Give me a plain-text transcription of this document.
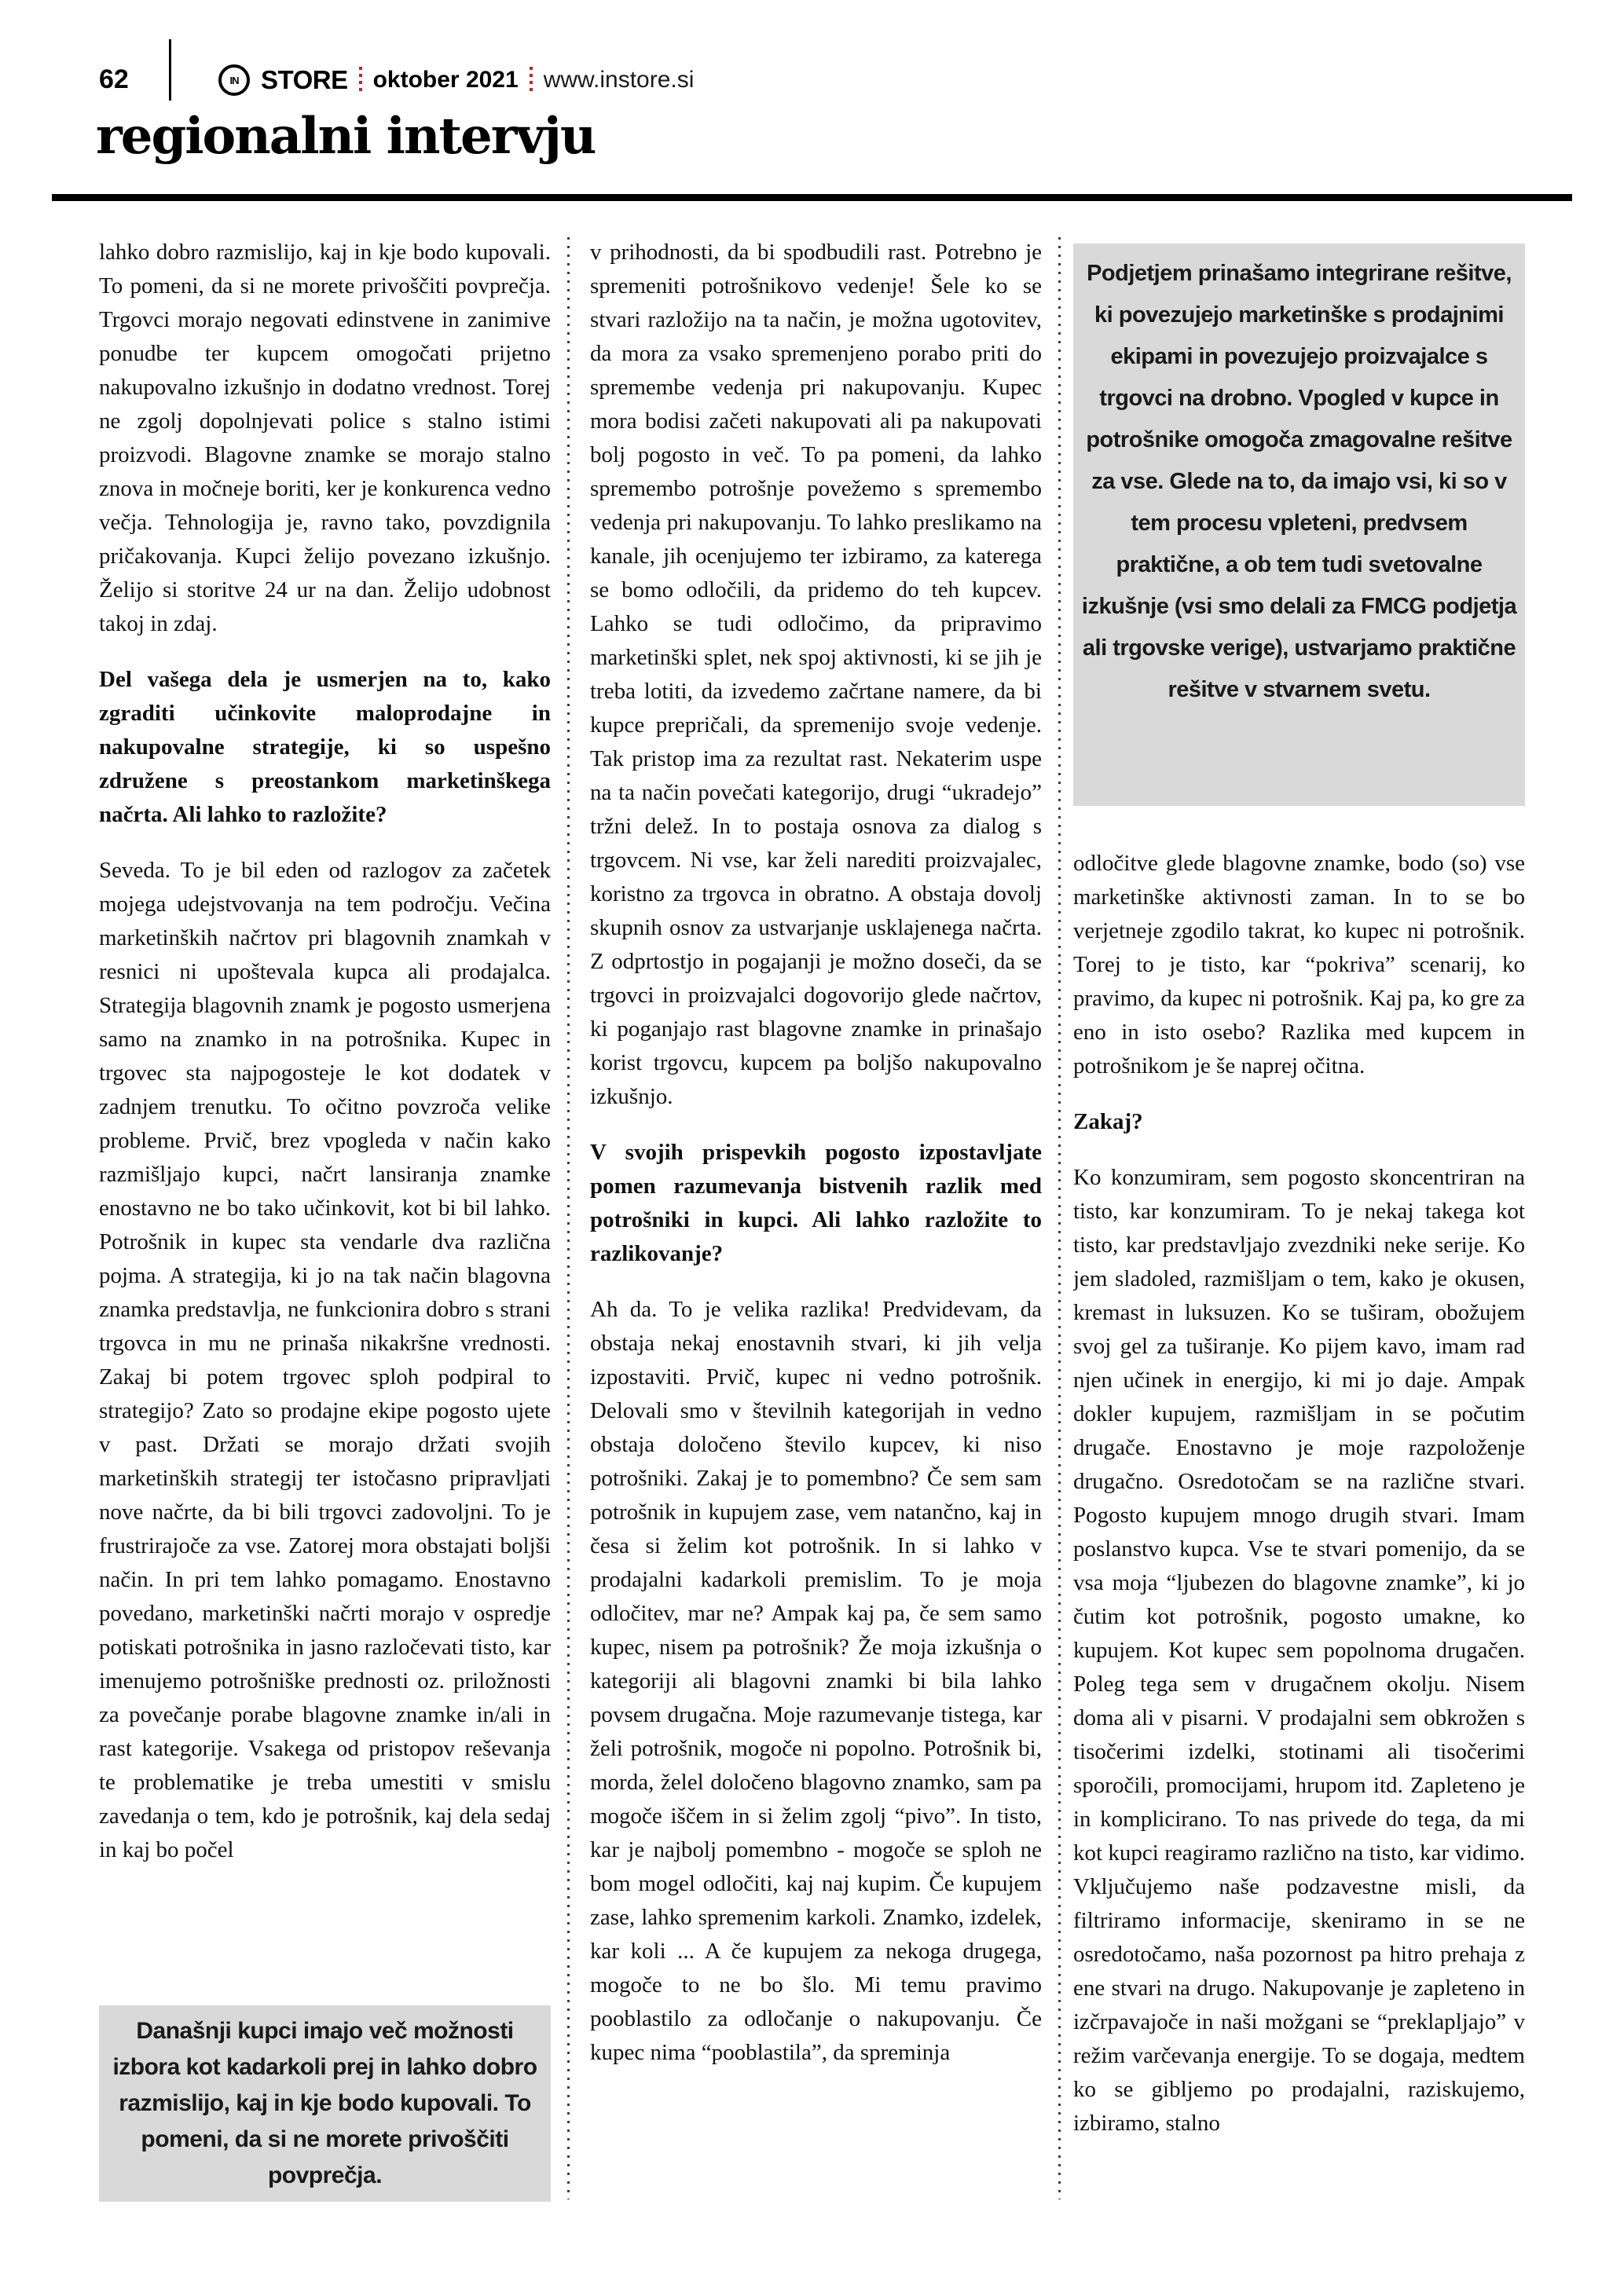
62	IN STORE oktober 2021 www.instore.si
regionalni intervju

lahko dobro razmislijo, kaj in kje bodo kupovali. To pomeni, da si ne morete privoščiti povprečja. Trgovci morajo negovati edinstvene in zanimive ponudbe ter kupcem omogočati prijetno nakupovalno izkušnjo in dodatno vrednost. Torej ne zgolj dopolnjevati police s stalno istimi proizvodi. Blagovne znamke se morajo stalno znova in močneje boriti, ker je konkurenca vedno večja. Tehnologija je, ravno tako, povzdignila pričakovanja. Kupci želijo povezano izkušnjo. Želijo si storitve 24 ur na dan. Želijo udobnost takoj in zdaj.

Del vašega dela je usmerjen na to, kako zgraditi učinkovite maloprodajne in nakupovalne strategije, ki so uspešno združene s preostankom marketinškega načrta. Ali lahko to razložite?

Seveda. To je bil eden od razlogov za začetek mojega udejstvovanja na tem področju. Večina marketinških načrtov pri blagovnih znamkah v resnici ni upoštevala kupca ali prodajalca. Strategija blagovnih znamk je pogosto usmerjena samo na znamko in na potrošnika. Kupec in trgovec sta najpogosteje le kot dodatek v zadnjem trenutku. To očitno povzroča velike probleme. Prvič, brez vpogleda v način kako razmišljajo kupci, načrt lansiranja znamke enostavno ne bo tako učinkovit, kot bi bil lahko. Potrošnik in kupec sta vendarle dva različna pojma. A strategija, ki jo na tak način blagovna znamka predstavlja, ne funkcionira dobro s strani trgovca in mu ne prinaša nikakršne vrednosti. Zakaj bi potem trgovec sploh podpiral to strategijo? Zato so prodajne ekipe pogosto ujete v past. Držati se morajo držati svojih marketinških strategij ter istočasno pripravljati nove načrte, da bi bili trgovci zadovoljni. To je frustrirajoče za vse. Zatorej mora obstajati boljši način. In pri tem lahko pomagamo. Enostavno povedano, marketinški načrti morajo v ospredje potiskati potrošnika in jasno razločevati tisto, kar imenujemo potrošniške prednosti oz. priložnosti za povečanje porabe blagovne znamke in/ali in rast kategorije. Vsakega od pristopov reševanja te problematike je treba umestiti v smislu zavedanja o tem, kdo je potrošnik, kaj dela sedaj in kaj bo počel

v prihodnosti, da bi spodbudili rast. Potrebno je spremeniti potrošnikovo vedenje! Šele ko se stvari razložijo na ta način, je možna ugotovitev, da mora za vsako spremenjeno porabo priti do spremembe vedenja pri nakupovanju. Kupec mora bodisi začeti nakupovati ali pa nakupovati bolj pogosto in več. To pa pomeni, da lahko spremembo potrošnje povežemo s spremembo vedenja pri nakupovanju. To lahko preslikamo na kanale, jih ocenjujemo ter izbiramo, za katerega se bomo odločili, da pridemo do teh kupcev. Lahko se tudi odločimo, da pripravimo marketinški splet, nek spoj aktivnosti, ki se jih je treba lotiti, da izvedemo začrtane namere, da bi kupce prepričali, da spremenijo svoje vedenje. Tak pristop ima za rezultat rast. Nekaterim uspe na ta način povečati kategorijo, drugi “ukradejo” tržni delež. In to postaja osnova za dialog s trgovcem. Ni vse, kar želi narediti proizvajalec, koristno za trgovca in obratno. A obstaja dovolj skupnih osnov za ustvarjanje usklajenega načrta. Z odprtostjo in pogajanji je možno doseči, da se trgovci in proizvajalci dogovorijo glede načrtov, ki poganjajo rast blagovne znamke in prinašajo korist trgovcu, kupcem pa boljšo nakupovalno izkušnjo.

V svojih prispevkih pogosto izpostavljate pomen razumevanja bistvenih razlik med potrošniki in kupci. Ali lahko razložite to razlikovanje?

Ah da. To je velika razlika! Predvidevam, da obstaja nekaj enostavnih stvari, ki jih velja izpostaviti. Prvič, kupec ni vedno potrošnik. Delovali smo v številnih kategorijah in vedno obstaja določeno število kupcev, ki niso potrošniki. Zakaj je to pomembno? Če sem sam potrošnik in kupujem zase, vem natančno, kaj in česa si želim kot potrošnik. In si lahko v prodajalni kadarkoli premislim. To je moja odločitev, mar ne? Ampak kaj pa, če sem samo kupec, nisem pa potrošnik? Že moja izkušnja o kategoriji ali blagovni znamki bi bila lahko povsem drugačna. Moje razumevanje tistega, kar želi potrošnik, mogoče ni popolno. Potrošnik bi, morda, želel določeno blagovno znamko, sam pa mogoče iščem in si želim zgolj “pivo”. In tisto, kar je najbolj pomembno - mogoče se sploh ne bom mogel odločiti, kaj naj kupim. Če kupujem zase, lahko spremenim karkoli. Znamko, izdelek, kar koli ... A če kupujem za nekoga drugega, mogoče to ne bo šlo. Mi temu pravimo pooblastilo za odločanje o nakupovanju. Če kupec nima “pooblastila”, da spreminja

Podjetjem prinašamo integrirane rešitve, ki povezujejo marketinške s prodajnimi ekipami in povezujejo proizvajalce s trgovci na drobno. Vpogled v kupce in potrošnike omogoča zmagovalne rešitve za vse. Glede na to, da imajo vsi, ki so v tem procesu vpleteni, predvsem praktične, a ob tem tudi svetovalne izkušnje (vsi smo delali za FMCG podjetja ali trgovske verige), ustvarjamo praktične rešitve v stvarnem svetu.

odločitve glede blagovne znamke, bodo (so) vse marketinške aktivnosti zaman. In to se bo verjetneje zgodilo takrat, ko kupec ni potrošnik. Torej to je tisto, kar “pokriva” scenarij, ko pravimo, da kupec ni potrošnik. Kaj pa, ko gre za eno in isto osebo? Razlika med kupcem in potrošnikom je še naprej očitna.

Zakaj?

Ko konzumiram, sem pogosto skoncentriran na tisto, kar konzumiram. To je nekaj takega kot tisto, kar predstavljajo zvezdniki neke serije. Ko jem sladoled, razmišljam o tem, kako je okusen, kremast in luksuzen. Ko se tuširam, obožujem svoj gel za tuširanje. Ko pijem kavo, imam rad njen učinek in energijo, ki mi jo daje. Ampak dokler kupujem, razmišljam in se počutim drugače. Enostavno je moje razpoloženje drugačno. Osredotočam se na različne stvari. Pogosto kupujem mnogo drugih stvari. Imam poslanstvo kupca. Vse te stvari pomenijo, da se vsa moja “ljubezen do blagovne znamke”, ki jo čutim kot potrošnik, pogosto umakne, ko kupujem. Kot kupec sem popolnoma drugačen. Poleg tega sem v drugačnem okolju. Nisem doma ali v pisarni. V prodajalni sem obkrožen s tisočerimi izdelki, stotinami ali tisočerimi sporočili, promocijami, hrupom itd. Zapleteno je in komplicirano. To nas privede do tega, da mi kot kupci reagiramo različno na tisto, kar vidimo. Vključujemo naše podzavestne misli, da filtriramo informacije, skeniramo in se ne osredotočamo, naša pozornost pa hitro prehaja z ene stvari na drugo. Nakupovanje je zapleteno in izčrpavajoče in naši možgani se “preklapljajo” v režim varčevanja energije. To se dogaja, medtem ko se gibljemo po prodajalni, raziskujemo, izbiramo, stalno

Današnji kupci imajo več možnosti izbora kot kadarkoli prej in lahko dobro razmislijo, kaj in kje bodo kupovali. To pomeni, da si ne morete privoščiti povprečja.
